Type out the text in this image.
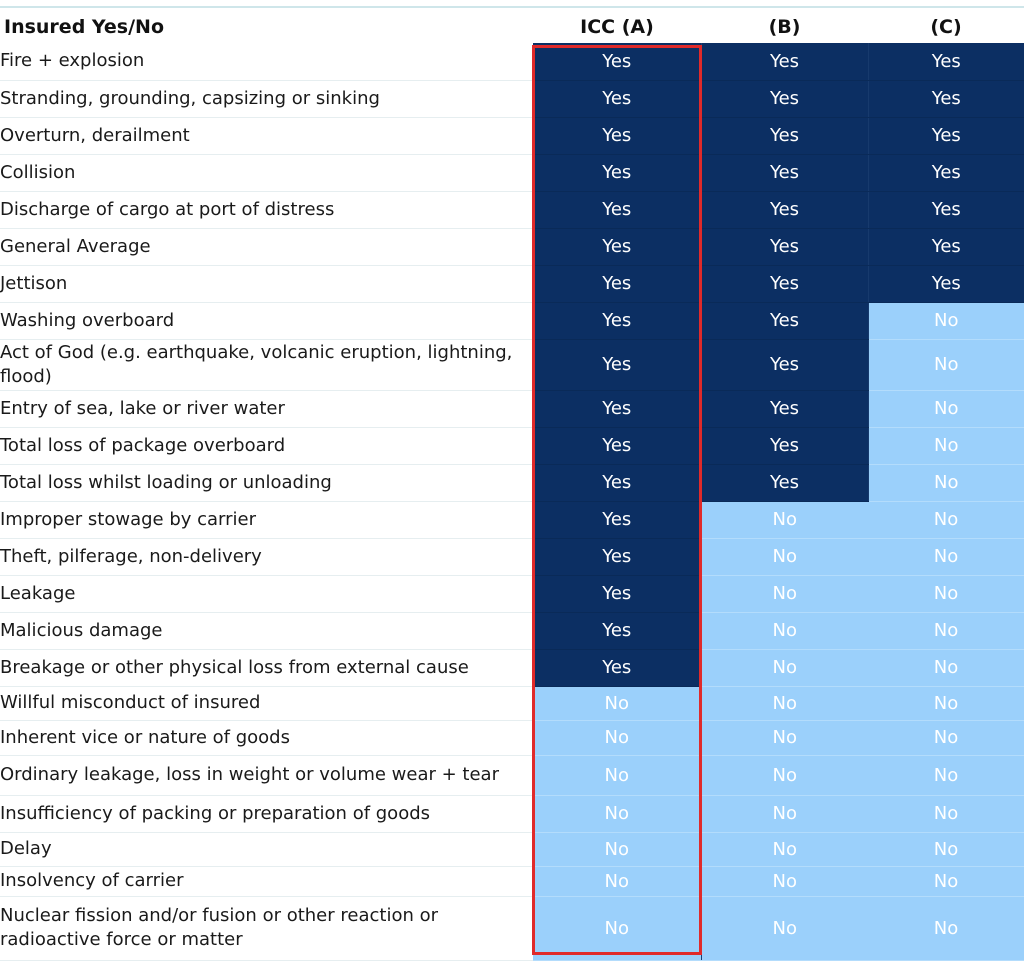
Insured Yes/No	ICC (A)	(B)	(C)
Fire + explosion	Yes	Yes	Yes
Stranding, grounding, capsizing or sinking	Yes	Yes	Yes
Overturn, derailment	Yes	Yes	Yes
Collision	Yes	Yes	Yes
Discharge of cargo at port of distress	Yes	Yes	Yes
General Average	Yes	Yes	Yes
Jettison	Yes	Yes	Yes
Washing overboard	Yes	Yes	No
Act of God (e.g. earthquake, volcanic eruption, lightning, flood)	Yes	Yes	No
Entry of sea, lake or river water	Yes	Yes	No
Total loss of package overboard	Yes	Yes	No
Total loss whilst loading or unloading	Yes	Yes	No
Improper stowage by carrier	Yes	No	No
Theft, pilferage, non-delivery	Yes	No	No
Leakage	Yes	No	No
Malicious damage	Yes	No	No
Breakage or other physical loss from external cause	Yes	No	No
Willful misconduct of insured	No	No	No
Inherent vice or nature of goods	No	No	No
Ordinary leakage, loss in weight or volume wear + tear	No	No	No
Insufficiency of packing or preparation of goods	No	No	No
Delay	No	No	No
Insolvency of carrier	No	No	No
Nuclear fission and/or fusion or other reaction or radioactive force or matter	No	No	No
